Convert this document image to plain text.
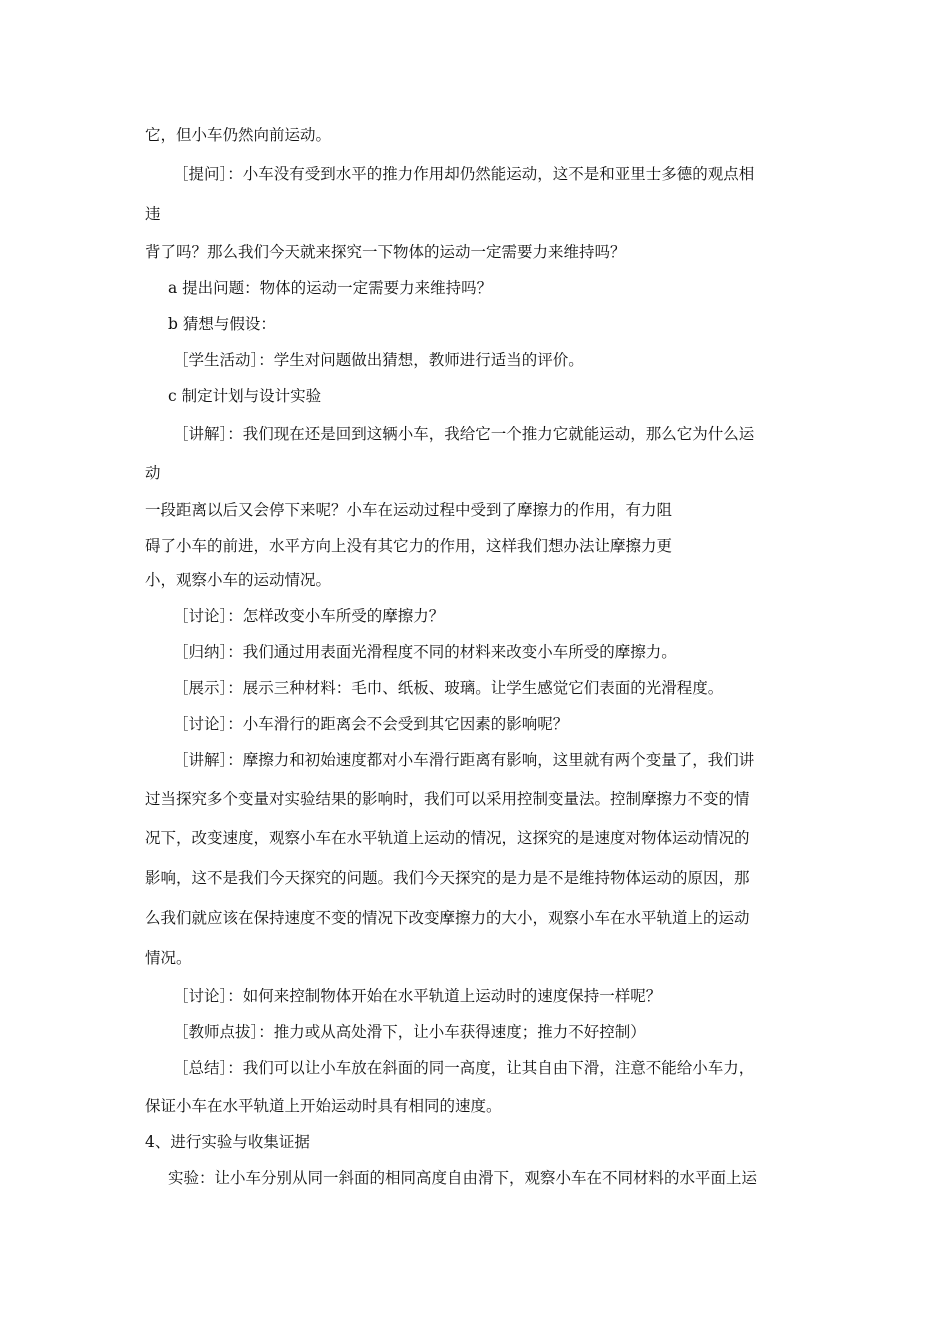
它，但小车仍然向前运动。
［提问］：小车没有受到水平的推力作用却仍然能运动，这不是和亚里士多德的观点相
违
背了吗？那么我们今天就来探究一下物体的运动一定需要力来维持吗？
a 提出问题：物体的运动一定需要力来维持吗？
b 猜想与假设：
［学生活动］：学生对问题做出猜想，教师进行适当的评价。
c 制定计划与设计实验
［讲解］：我们现在还是回到这辆小车，我给它一个推力它就能运动，那么它为什么运
动
一段距离以后又会停下来呢？小车在运动过程中受到了摩擦力的作用，有力阻
碍了小车的前进，水平方向上没有其它力的作用，这样我们想办法让摩擦力更
小，观察小车的运动情况。
［讨论］：怎样改变小车所受的摩擦力？
［归纳］：我们通过用表面光滑程度不同的材料来改变小车所受的摩擦力。
［展示］：展示三种材料：毛巾、纸板、玻璃。让学生感觉它们表面的光滑程度。
［讨论］：小车滑行的距离会不会受到其它因素的影响呢？
［讲解］：摩擦力和初始速度都对小车滑行距离有影响，这里就有两个变量了，我们讲
过当探究多个变量对实验结果的影响时，我们可以采用控制变量法。控制摩擦力不变的情
况下，改变速度，观察小车在水平轨道上运动的情况，这探究的是速度对物体运动情况的
影响，这不是我们今天探究的问题。我们今天探究的是力是不是维持物体运动的原因，那
么我们就应该在保持速度不变的情况下改变摩擦力的大小，观察小车在水平轨道上的运动
情况。
［讨论］：如何来控制物体开始在水平轨道上运动时的速度保持一样呢？
［教师点拔］：推力或从高处滑下，让小车获得速度；推力不好控制）
［总结］：我们可以让小车放在斜面的同一高度，让其自由下滑，注意不能给小车力，
保证小车在水平轨道上开始运动时具有相同的速度。
4、进行实验与收集证据
实验：让小车分别从同一斜面的相同高度自由滑下，观察小车在不同材料的水平面上运
